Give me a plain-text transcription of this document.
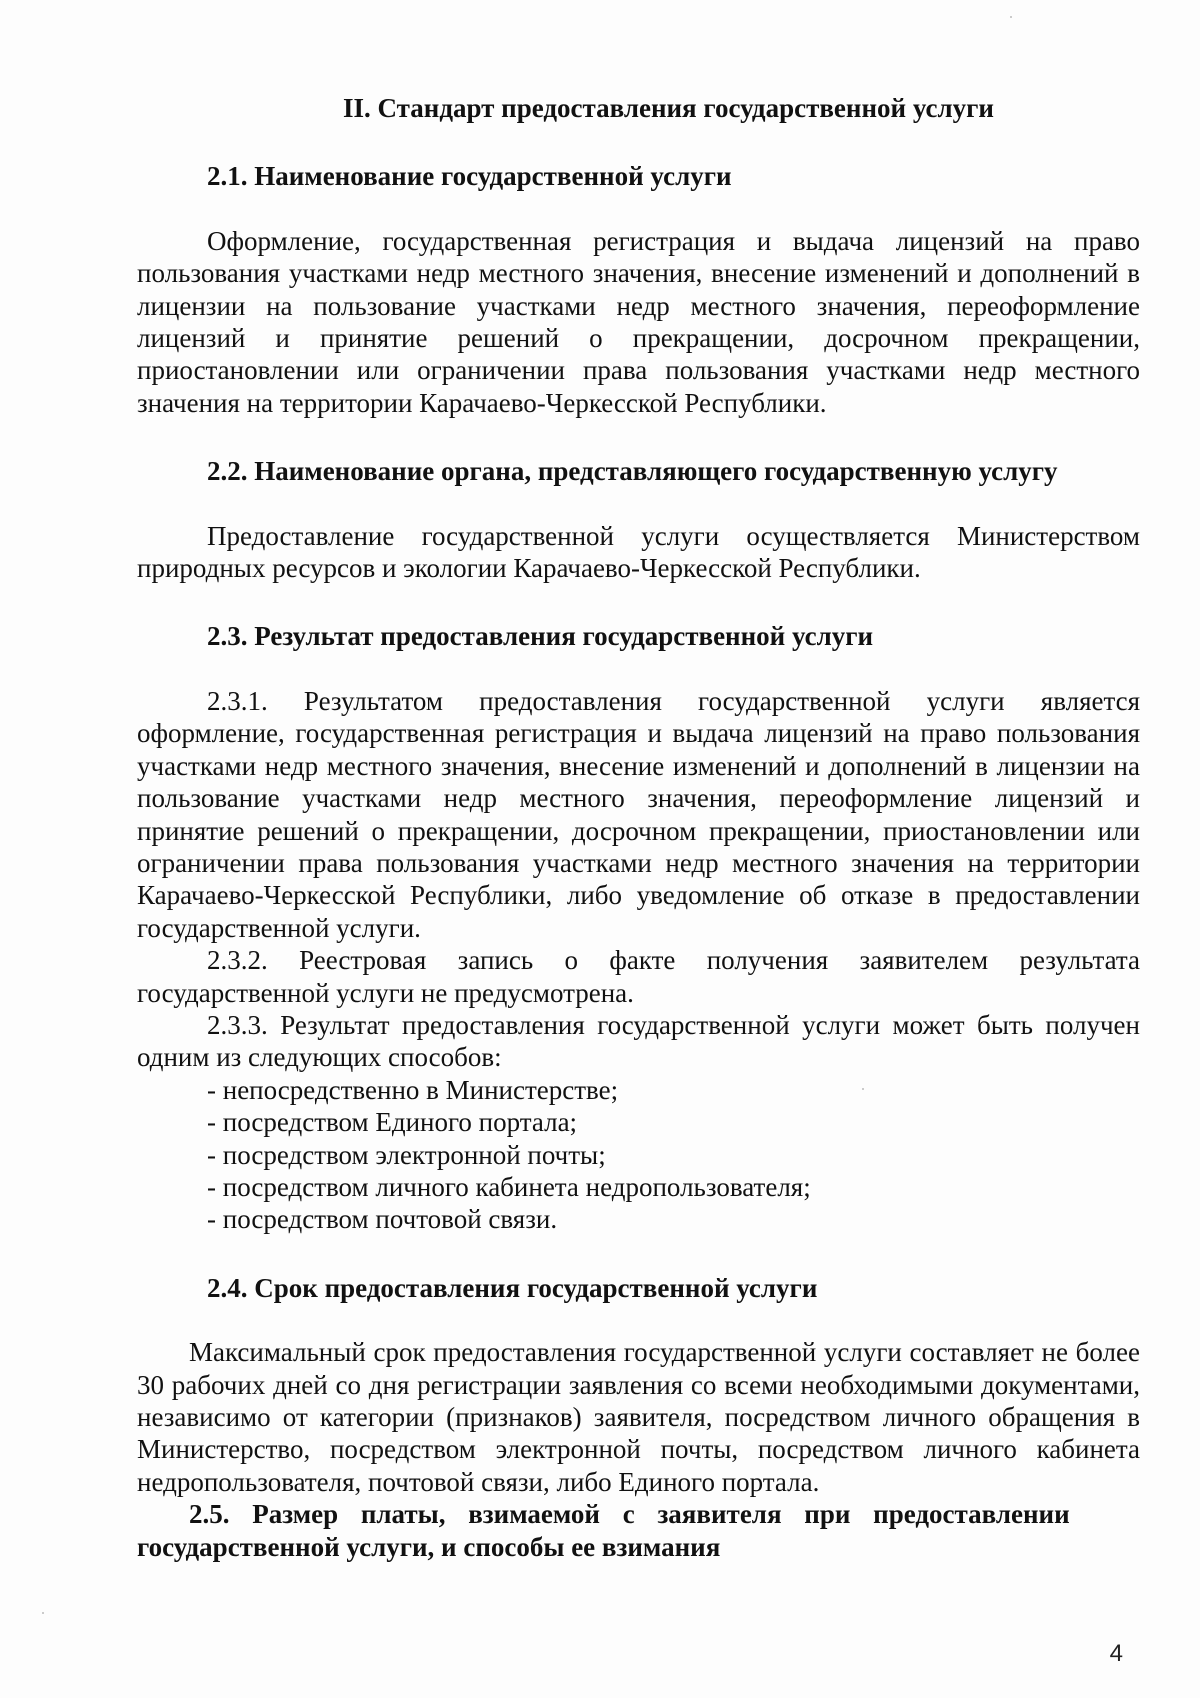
II. Стандарт предоставления государственной услуги

2.1. Наименование государственной услуги

Оформление, государственная регистрация и выдача лицензий на право пользования участками недр местного значения, внесение изменений и дополнений в лицензии на пользование участками недр местного значения, переоформление лицензий и принятие решений о прекращении, досрочном прекращении, приостановлении или ограничении права пользования участками недр местного значения на территории Карачаево-Черкесской Республики.

2.2. Наименование органа, представляющего государственную услугу

Предоставление государственной услуги осуществляется Министерством природных ресурсов и экологии Карачаево-Черкесской Республики.

2.3. Результат предоставления государственной услуги

2.3.1. Результатом предоставления государственной услуги является оформление, государственная регистрация и выдача лицензий на право пользования участками недр местного значения, внесение изменений и дополнений в лицензии на пользование участками недр местного значения, переоформление лицензий и принятие решений о прекращении, досрочном прекращении, приостановлении или ограничении права пользования участками недр местного значения на территории Карачаево-Черкесской Республики, либо уведомление об отказе в предоставлении государственной услуги.

2.3.2. Реестровая запись о факте получения заявителем результата государственной услуги не предусмотрена.

2.3.3. Результат предоставления государственной услуги может быть получен одним из следующих способов:

- непосредственно в Министерстве;
- посредством Единого портала;
- посредством электронной почты;
- посредством личного кабинета недропользователя;
- посредством почтовой связи.

2.4. Срок предоставления государственной услуги

Максимальный срок предоставления государственной услуги составляет не более 30 рабочих дней со дня регистрации заявления со всеми необходимыми документами, независимо от категории (признаков) заявителя, посредством личного обращения в Министерство, посредством электронной почты, посредством личного кабинета недропользователя, почтовой связи, либо Единого портала.

2.5. Размер платы, взимаемой с заявителя при предоставлении
государственной услуги, и способы ее взимания

4
